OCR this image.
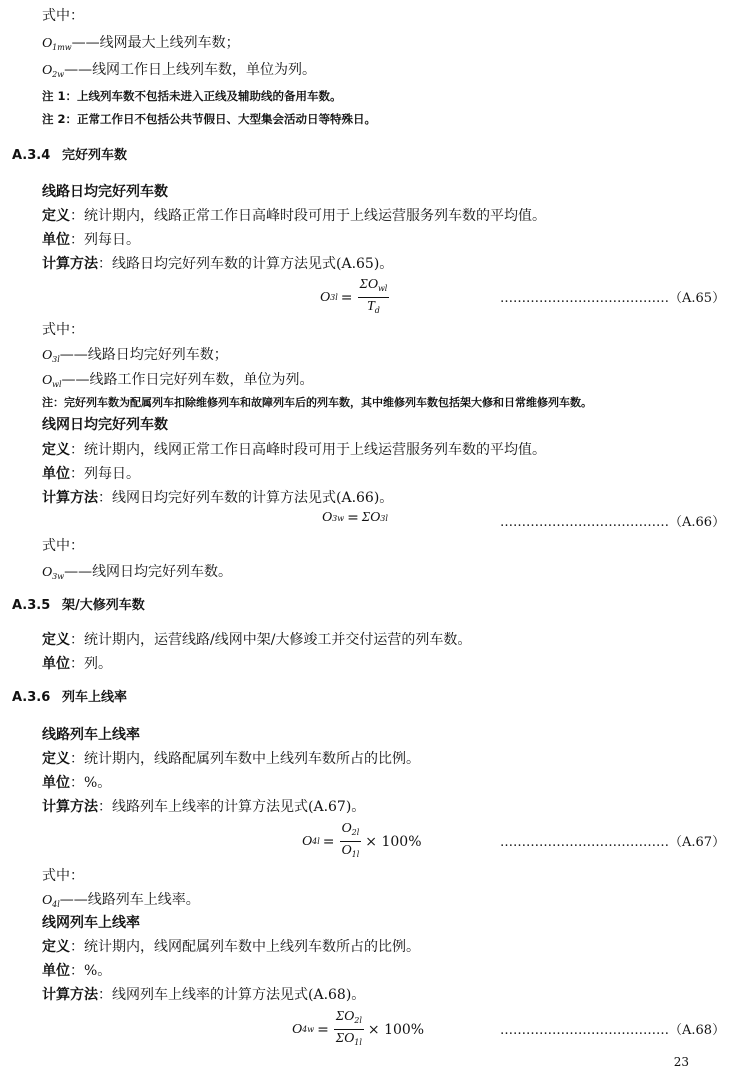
式中：
$O_{1mw}——$线网最大上线列车数；
$O_{2w}——$线网工作日上线列车数，单位为列。
注 1：上线列车数不包括未进入正线及辅助线的备用车数。
注 2：正常工作日不包括公共节假日、大型集会活动日等特殊日。
A.3.4 完好列车数
线路日均完好列车数
定义：统计期内，线路正常工作日高峰时段可用于上线运营服务列车数的平均值。
单位：列每日。
计算方法：线路日均完好列车数的计算方法见式(A.65)。
O $3l = \frac{\Sigma O_{wl}}{T_d}$	…………………………………（A.65）
式中：
$O_{3l}——$线路日均完好列车数；
$O_{wl}——$线路工作日完好列车数，单位为列。
注：完好列车数为配属列车扣除维修列车和故障列车后的列车数，其中维修列车数包括架大修和日常维修列车数。
线网日均完好列车数
定义：统计期内，线网正常工作日高峰时段可用于上线运营服务列车数的平均值。
单位：列每日。
计算方法：线网日均完好列车数的计算方法见式(A.66)。
O 3w = ΣO 3l	…………………………………（A.66）
式中：
$O_{3w}——$线网日均完好列车数。
A.3.5 架/大修列车数
定义：统计期内，运营线路/线网中架/大修竣工并交付运营的列车数。
单位：列。
A.3.6 列车上线率
线路列车上线率
定义：统计期内，线路配属列车数中上线列车数所占的比例。
单位：%。
计算方法：线路列车上线率的计算方法见式(A.67)。
O $4l = \frac{O_{2l}}{O_{1l}} \times 100\%$	…………………………………（A.67）
式中：
$O_{4l}——$线路列车上线率。
线网列车上线率
定义：统计期内，线网配属列车数中上线列车数所占的比例。
单位：%。
计算方法：线网列车上线率的计算方法见式(A.68)。
O $4w = \frac{\Sigma O_{2l}}{\Sigma O_{1l}} \times 100\%$	…………………………………（A.68）
23
